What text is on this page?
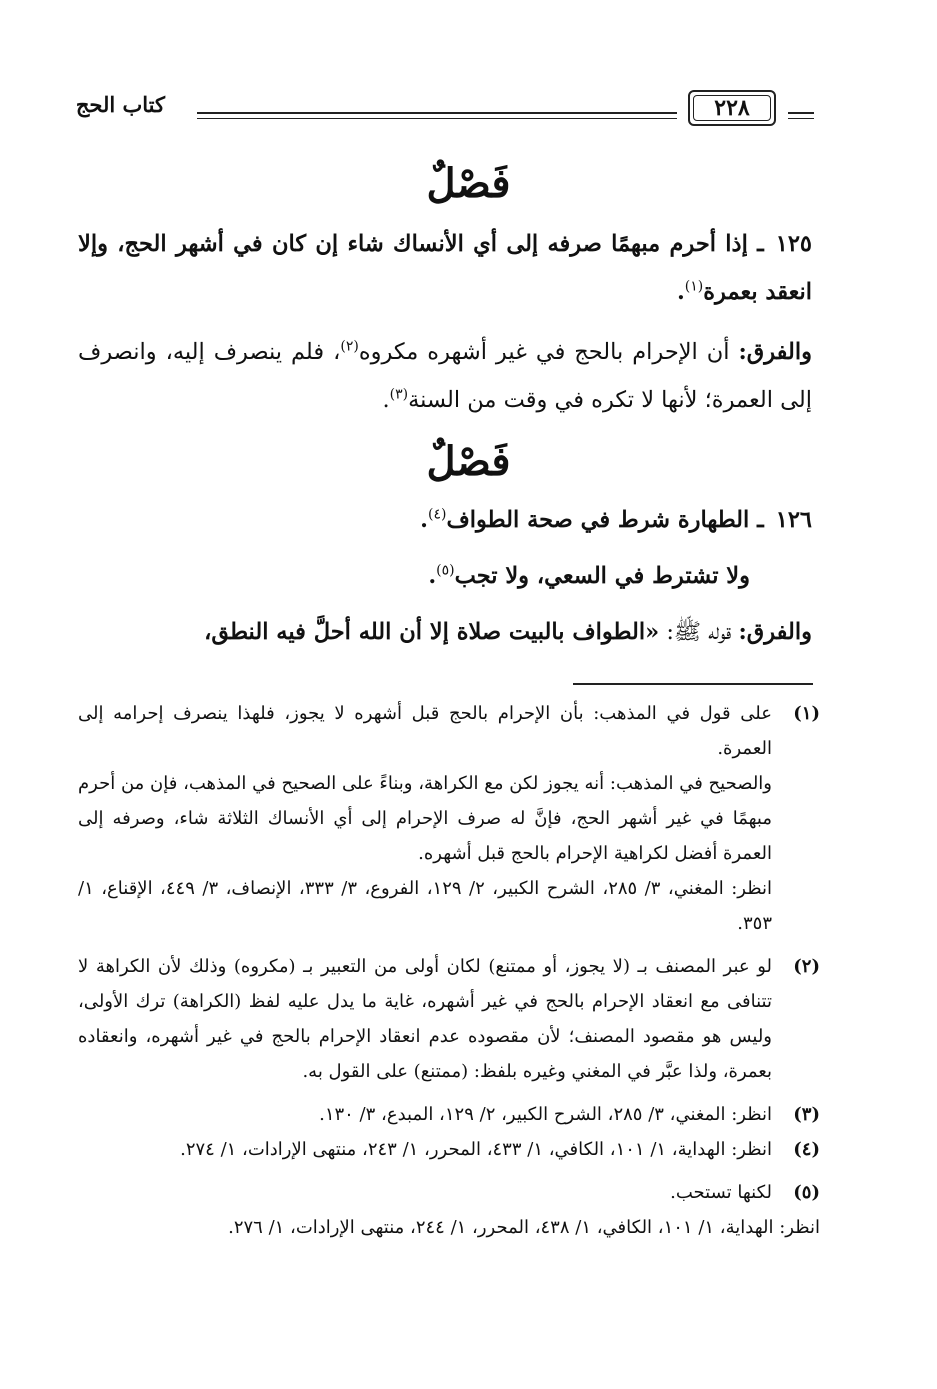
كتاب الحج	٢٢٨
فَصْلٌ

١٢٥ـ إذا أحرم مبهمًا صرفه إلى أي الأنساك شاء إن كان في أشهر الحج، وإلا انعقد بعمرة$^{(١)}$.

والفرق: أن الإحرام بالحج في غير أشهره مكروه$^{(٢)}$، فلم ينصرف إليه، وانصرف إلى العمرة؛ لأنها لا تكره في وقت من السنة$^{(٣)}$.

فَصْلٌ

١٢٦ـ الطهارة شرط في صحة الطواف$^{(٤)}$.

ولا تشترط في السعي، ولا تجب$^{(٥)}$.

والفرق: قوله ﷺ: «الطواف بالبيت صلاة إلا أن الله أحلَّ فيه النطق،

(١)
على قول في المذهب: بأن الإحرام بالحج قبل أشهره لا يجوز، فلهذا ينصرف إحرامه إلى العمرة.
والصحيح في المذهب: أنه يجوز لكن مع الكراهة، وبناءً على الصحيح في المذهب، فإن من أحرم مبهمًا في غير أشهر الحج، فإنَّ له صرف الإحرام إلى أي الأنساك الثلاثة شاء، وصرفه إلى العمرة أفضل لكراهية الإحرام بالحج قبل أشهره.
انظر: المغني، ٣/ ٢٨٥، الشرح الكبير، ٢/ ١٢٩، الفروع، ٣/ ٣٣٣، الإنصاف، ٣/ ٤٤٩، الإقناع، ١/ ٣٥٣.
(٢)
لو عبر المصنف بـ (لا يجوز، أو ممتنع) لكان أولى من التعبير بـ (مكروه) وذلك لأن الكراهة لا تتنافى مع انعقاد الإحرام بالحج في غير أشهره، غاية ما يدل عليه لفظ (الكراهة) ترك الأولى، وليس هو مقصود المصنف؛ لأن مقصوده عدم انعقاد الإحرام بالحج في غير أشهره، وانعقاده بعمرة، ولذا عبَّر في المغني وغيره بلفظ: (ممتنع) على القول به.
(٣)
انظر: المغني، ٣/ ٢٨٥، الشرح الكبير، ٢/ ١٢٩، المبدع، ٣/ ١٣٠.
(٤)
انظر: الهداية، ١/ ١٠١، الكافي، ١/ ٤٣٣، المحرر، ١/ ٢٤٣، منتهى الإرادات، ١/ ٢٧٤.
(٥)
لكنها تستحب.
انظر: الهداية، ١/ ١٠١، الكافي، ١/ ٤٣٨، المحرر، ١/ ٢٤٤، منتهى الإرادات، ١/ ٢٧٦.
